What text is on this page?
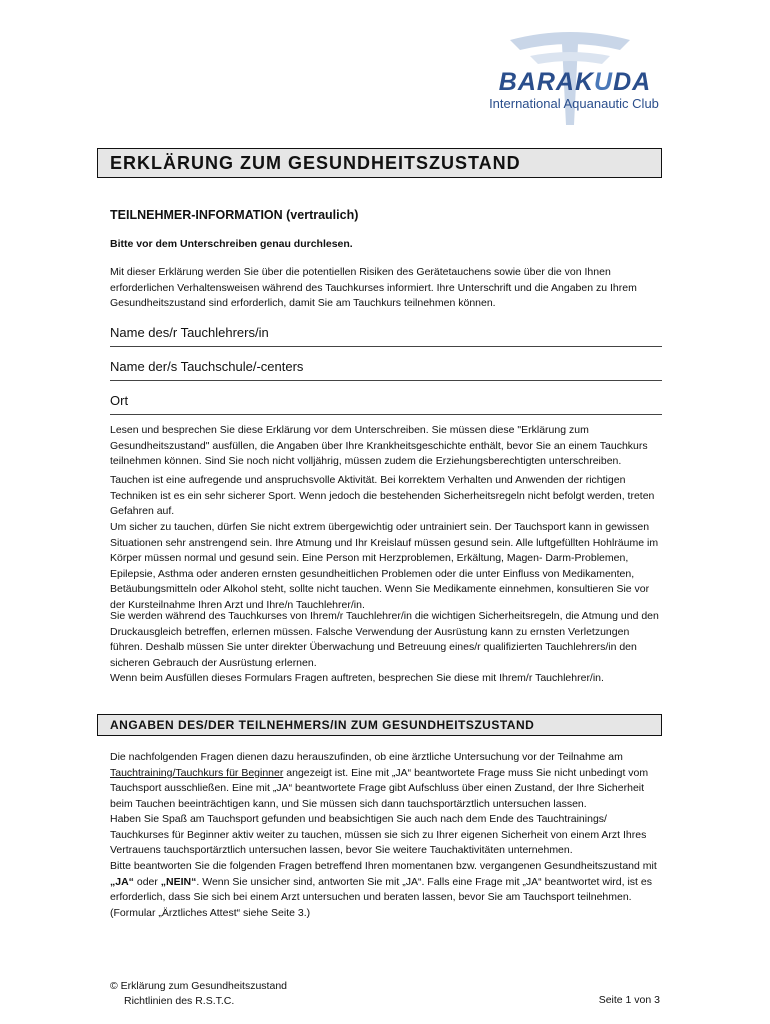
BARAKUDA
International Aquanautic Club
ERKLÄRUNG ZUM GESUNDHEITSZUSTAND
TEILNEHMER-INFORMATION (vertraulich)
Bitte vor dem Unterschreiben genau durchlesen.

Mit dieser Erklärung werden Sie über die potentiellen Risiken des Gerätetauchens sowie über die von Ihnen erforderlichen Verhaltensweisen während des Tauchkurses informiert. Ihre Unterschrift und die Angaben zu Ihrem Gesundheitszustand sind erforderlich, damit Sie am Tauchkurs teilnehmen können.

Name des/r Tauchlehrers/in
Name der/s Tauchschule/-centers
Ort

Lesen und besprechen Sie diese Erklärung vor dem Unterschreiben. Sie müssen diese "Erklärung zum Gesundheitszustand" ausfüllen, die Angaben über Ihre Krankheitsgeschichte enthält, bevor Sie an einem Tauchkurs teilnehmen können. Sind Sie noch nicht volljährig, müssen zudem die Erziehungsberechtigten unterschreiben.

Tauchen ist eine aufregende und anspruchsvolle Aktivität. Bei korrektem Verhalten und Anwenden der richtigen Techniken ist es ein sehr sicherer Sport. Wenn jedoch die bestehenden Sicherheitsregeln nicht befolgt werden, treten Gefahren auf.

Um sicher zu tauchen, dürfen Sie nicht extrem übergewichtig oder untrainiert sein. Der Tauchsport kann in gewissen Situationen sehr anstrengend sein. Ihre Atmung und Ihr Kreislauf müssen gesund sein. Alle luftgefüllten Hohlräume im Körper müssen normal und gesund sein. Eine Person mit Herzproblemen, Erkältung, Magen- Darm-Problemen, Epilepsie, Asthma oder anderen ernsten gesundheitlichen Problemen oder die unter Einfluss von Medikamenten, Betäubungsmitteln oder Alkohol steht, sollte nicht tauchen. Wenn Sie Medikamente einnehmen, konsultieren Sie vor der Kursteilnahme Ihren Arzt und Ihre/n Tauchlehrer/in.

Sie werden während des Tauchkurses von Ihrem/r Tauchlehrer/in die wichtigen Sicherheitsregeln, die Atmung und den Druckausgleich betreffen, erlernen müssen. Falsche Verwendung der Ausrüstung kann zu ernsten Verletzungen führen. Deshalb müssen Sie unter direkter Überwachung und Betreuung eines/r qualifizierten Tauchlehrers/in den sicheren Gebrauch der Ausrüstung erlernen.

Wenn beim Ausfüllen dieses Formulars Fragen auftreten, besprechen Sie diese mit Ihrem/r Tauchlehrer/in.

ANGABEN DES/DER TEILNEHMERS/IN ZUM GESUNDHEITSZUSTAND

Die nachfolgenden Fragen dienen dazu herauszufinden, ob eine ärztliche Untersuchung vor der Teilnahme am Tauchtraining/Tauchkurs für Beginner angezeigt ist. Eine mit „JA“ beantwortete Frage muss Sie nicht unbedingt vom Tauchsport ausschließen. Eine mit „JA“ beantwortete Frage gibt Aufschluss über einen Zustand, der Ihre Sicherheit beim Tauchen beeinträchtigen kann, und Sie müssen sich dann tauchsportärztlich untersuchen lassen.

Haben Sie Spaß am Tauchsport gefunden und beabsichtigen Sie auch nach dem Ende des Tauchtrainings/ Tauchkurses für Beginner aktiv weiter zu tauchen, müssen sie sich zu Ihrer eigenen Sicherheit von einem Arzt Ihres Vertrauens tauchsportärztlich untersuchen lassen, bevor Sie weitere Tauchaktivitäten unternehmen.

Bitte beantworten Sie die folgenden Fragen betreffend Ihren momentanen bzw. vergangenen Gesundheitszustand mit „JA“ oder „NEIN“. Wenn Sie unsicher sind, antworten Sie mit „JA“. Falls eine Frage mit „JA“ beantwortet wird, ist es erforderlich, dass Sie sich bei einem Arzt untersuchen und beraten lassen, bevor Sie am Tauchsport teilnehmen. (Formular „Ärztliches Attest“ siehe Seite 3.)

© Erklärung zum Gesundheitszustand
Richtlinien des R.S.T.C.	Seite 1 von 3
